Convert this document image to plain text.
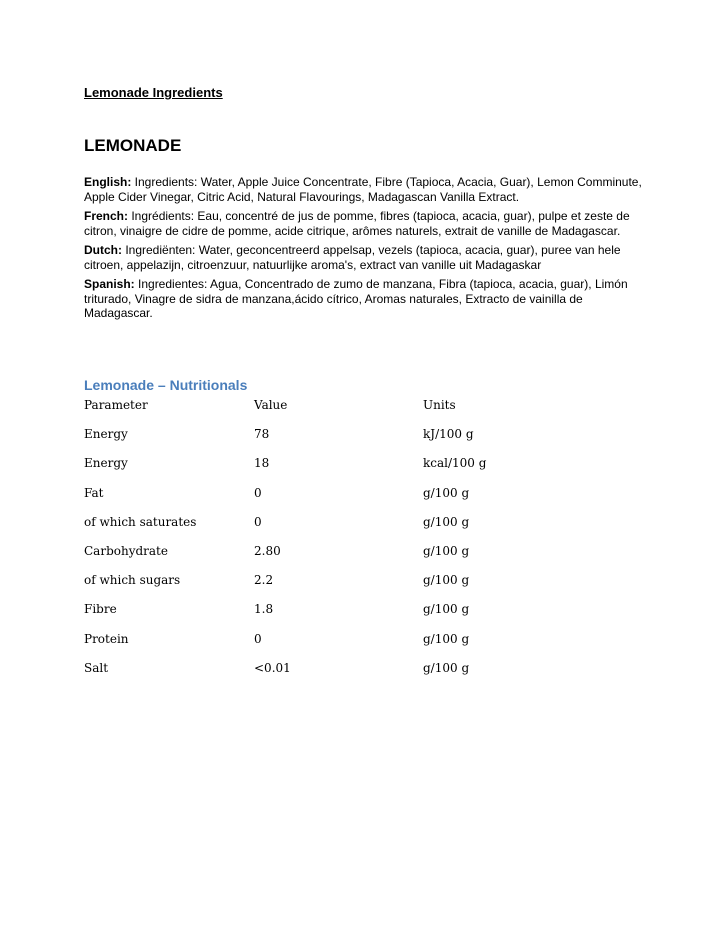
Lemonade Ingredients
LEMONADE

English: Ingredients: Water, Apple Juice Concentrate, Fibre (Tapioca, Acacia, Guar), Lemon Comminute, Apple Cider Vinegar, Citric Acid, Natural Flavourings, Madagascan Vanilla Extract.

French: Ingrédients: Eau, concentré de jus de pomme, fibres (tapioca, acacia, guar), pulpe et zeste de citron, vinaigre de cidre de pomme, acide citrique, arômes naturels, extrait de vanille de Madagascar.

Dutch: Ingrediënten: Water, geconcentreerd appelsap, vezels (tapioca, acacia, guar), puree van hele citroen, appelazijn, citroenzuur, natuurlijke aroma's, extract van vanille uit Madagaskar

Spanish: Ingredientes: Agua, Concentrado de zumo de manzana, Fibra (tapioca, acacia, guar), Limón triturado, Vinagre de sidra de manzana,ácido cítrico, Aromas naturales, Extracto de vainilla de Madagascar.

Lemonade – Nutritionals
Parameter	Value	Units
Energy	78	kJ/100 g
Energy	18	kcal/100 g
Fat	0	g/100 g
of which saturates	0	g/100 g
Carbohydrate	2.80	g/100 g
of which sugars	2.2	g/100 g
Fibre	1.8	g/100 g
Protein	0	g/100 g
Salt	<0.01	g/100 g
